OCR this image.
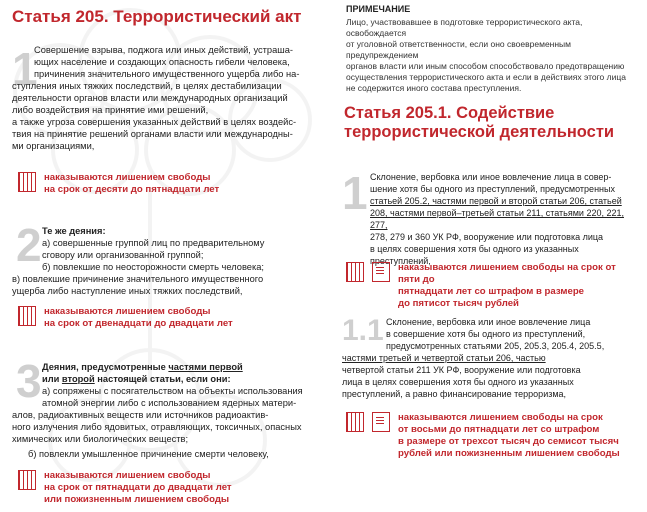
Статья 205. Террористический акт
1

Совершение взрыва, поджога или иных действий, устраша-

ющих население и создающих опасность гибели человека,

причинения значительного имущественного ущерба либо на-

ступления иных тяжких последствий, в целях дестабилизации

деятельности органов власти или международных организаций

либо воздействия на принятие ими решений,

а также угроза совершения указанных действий в целях воздейс-

твия на принятие решений органами власти или международны-

ми организациями,

наказываются лишением свободы
на срок от десяти до пятнадцати лет
2 Те же деяния:

а) совершенные группой лиц по предварительному

сговору или организованной группой;

б) повлекшие по неосторожности смерть человека;

в) повлекшие причинение значительного имущественного

ущерба либо наступление иных тяжких последствий,

наказываются лишением свободы
на срок от двенадцати до двадцати лет
3 Деяния, предусмотренные частями первой

или второй настоящей статьи, если они:

а) сопряжены с посягательством на объекты использования

атомной энергии либо с использованием ядерных матери-

алов, радиоактивных веществ или источников радиоактив-

ного излучения либо ядовитых, отравляющих, токсичных, опасных

химических или биологических веществ;

б) повлекли умышленное причинение смерти человеку,

наказываются лишением свободы
на срок от пятнадцати до двадцати лет
или пожизненным лишением свободы
ПРИМЕЧАНИЕ
Лицо, участвовавшее в подготовке террористического акта, освобождается
от уголовной ответственности, если оно своевременным предупреждением
органов власти или иным способом способствовало предотвращению
осуществления террористического акта и если в действиях этого лица
не содержится иного состава преступления.
Статья 205.1. Содействие террористической деятельности
1 Склонение, вербовка или иное вовлечение лица в совер-

шение хотя бы одного из преступлений, предусмотренных

статьей 205.2, частями первой и второй статьи 206, статьей

208, частями первой–третьей статьи 211, статьями 220, 221, 277,

278, 279 и 360 УК РФ, вооружение или подготовка лица

в целях совершения хотя бы одного из указанных преступлений,

наказываются лишением свободы на срок от пяти до
пятнадцати лет со штрафом в размере
до пятисот тысяч рублей
1.1 Склонение, вербовка или иное вовлечение лица

в совершение хотя бы одного из преступлений,

предусмотренных статьями 205, 205.3, 205.4, 205.5,

частями третьей и четвертой статьи 206, частью

четвертой статьи 211 УК РФ, вооружение или подготовка

лица в целях совершения хотя бы одного из указанных

преступлений, а равно финансирование терроризма,

наказываются лишением свободы на срок
от восьми до пятнадцати лет со штрафом
в размере от трехсот тысяч до семисот тысяч
рублей или пожизненным лишением свободы
